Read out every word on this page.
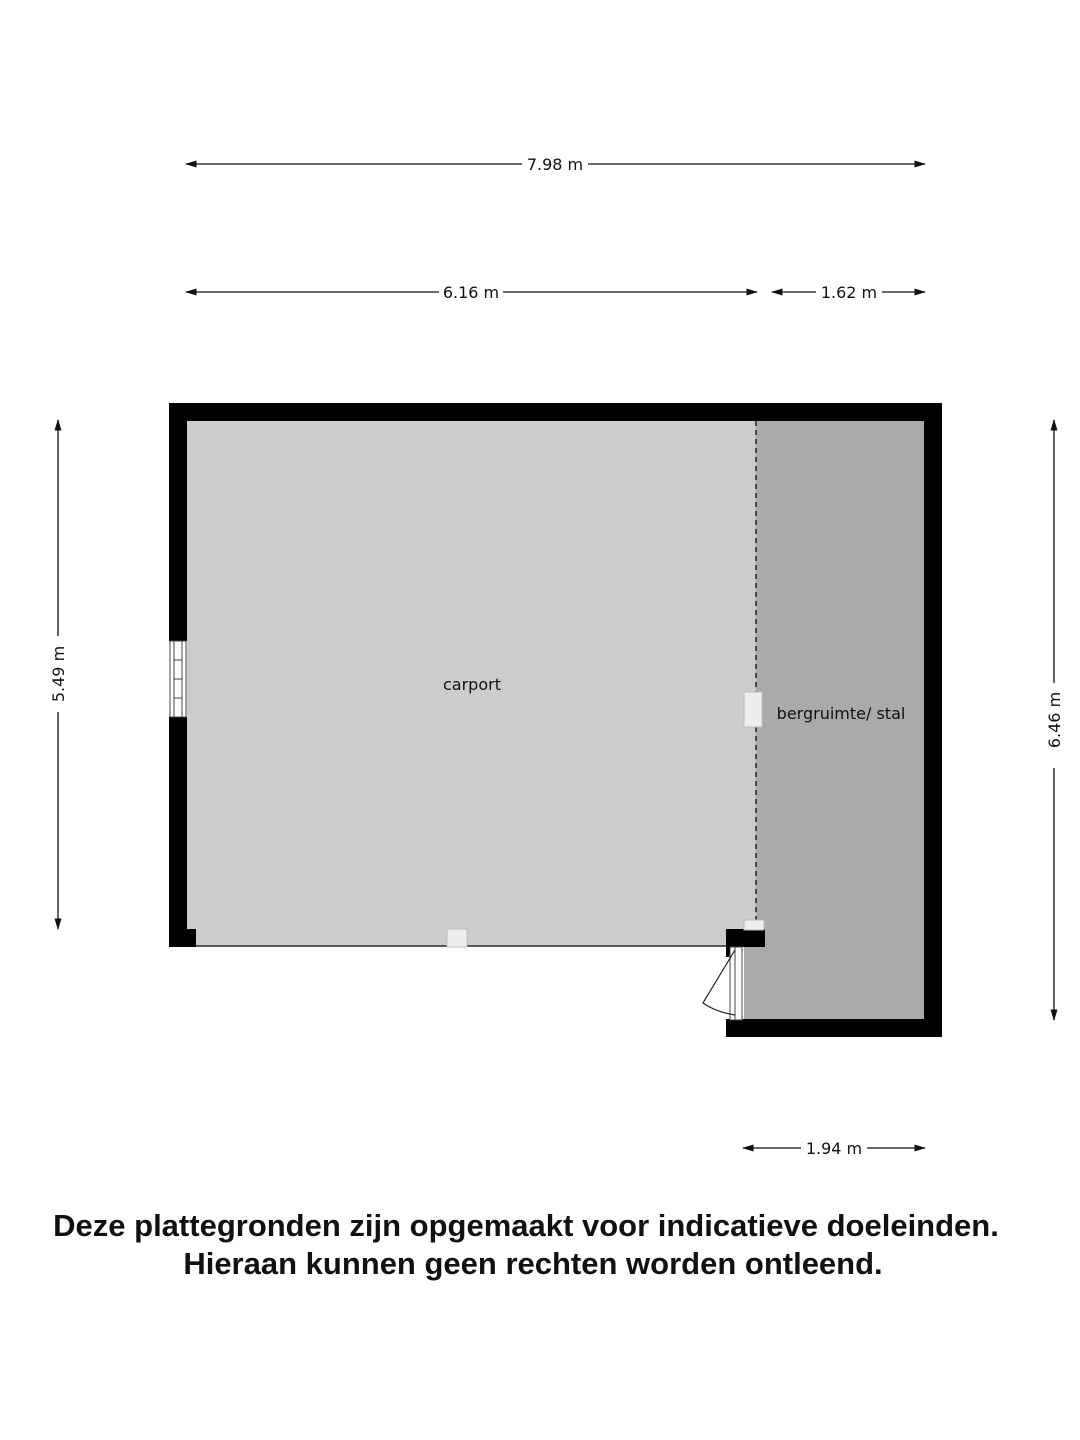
7.98 m
6.16 m	1.62 m
5.49 m
6.46 m
1.94 m
carport
bergruimte/ stal
Deze plattegronden zijn opgemaakt voor indicatieve doeleinden.
Hieraan kunnen geen rechten worden ontleend.
